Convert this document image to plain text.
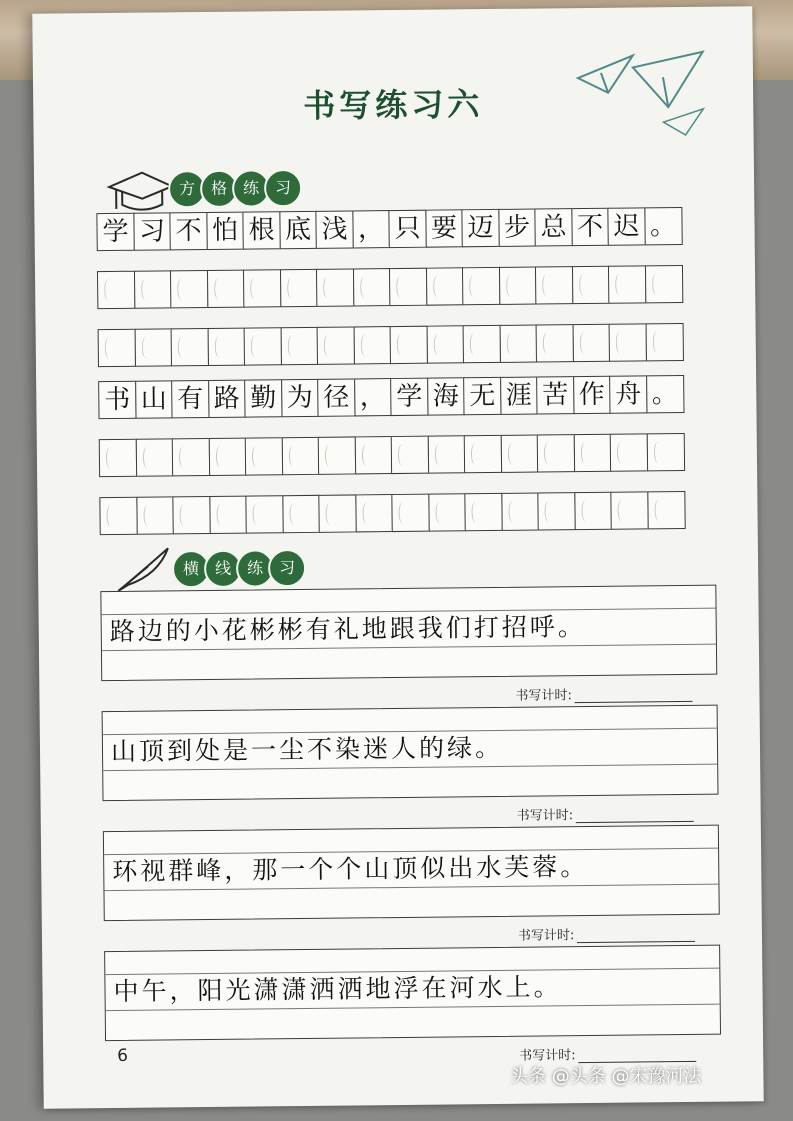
书写练习六
方 格 练 习
学 习 不 怕 根 底 浅 ， 只 要 迈 步 总 不 迟 。
书 山 有 路 勤 为 径 ， 学 海 无 涯 苦 作 舟 。
横 线 练 习
路边的小花彬彬有礼地跟我们打招呼。
书写计时:
山顶到处是一尘不染迷人的绿。
书写计时:
环视群峰，那一个个山顶似出水芙蓉。
书写计时:
中午，阳光潇潇洒洒地浮在河水上。
书写计时:
6
头条 @头条 @宋豫河法
